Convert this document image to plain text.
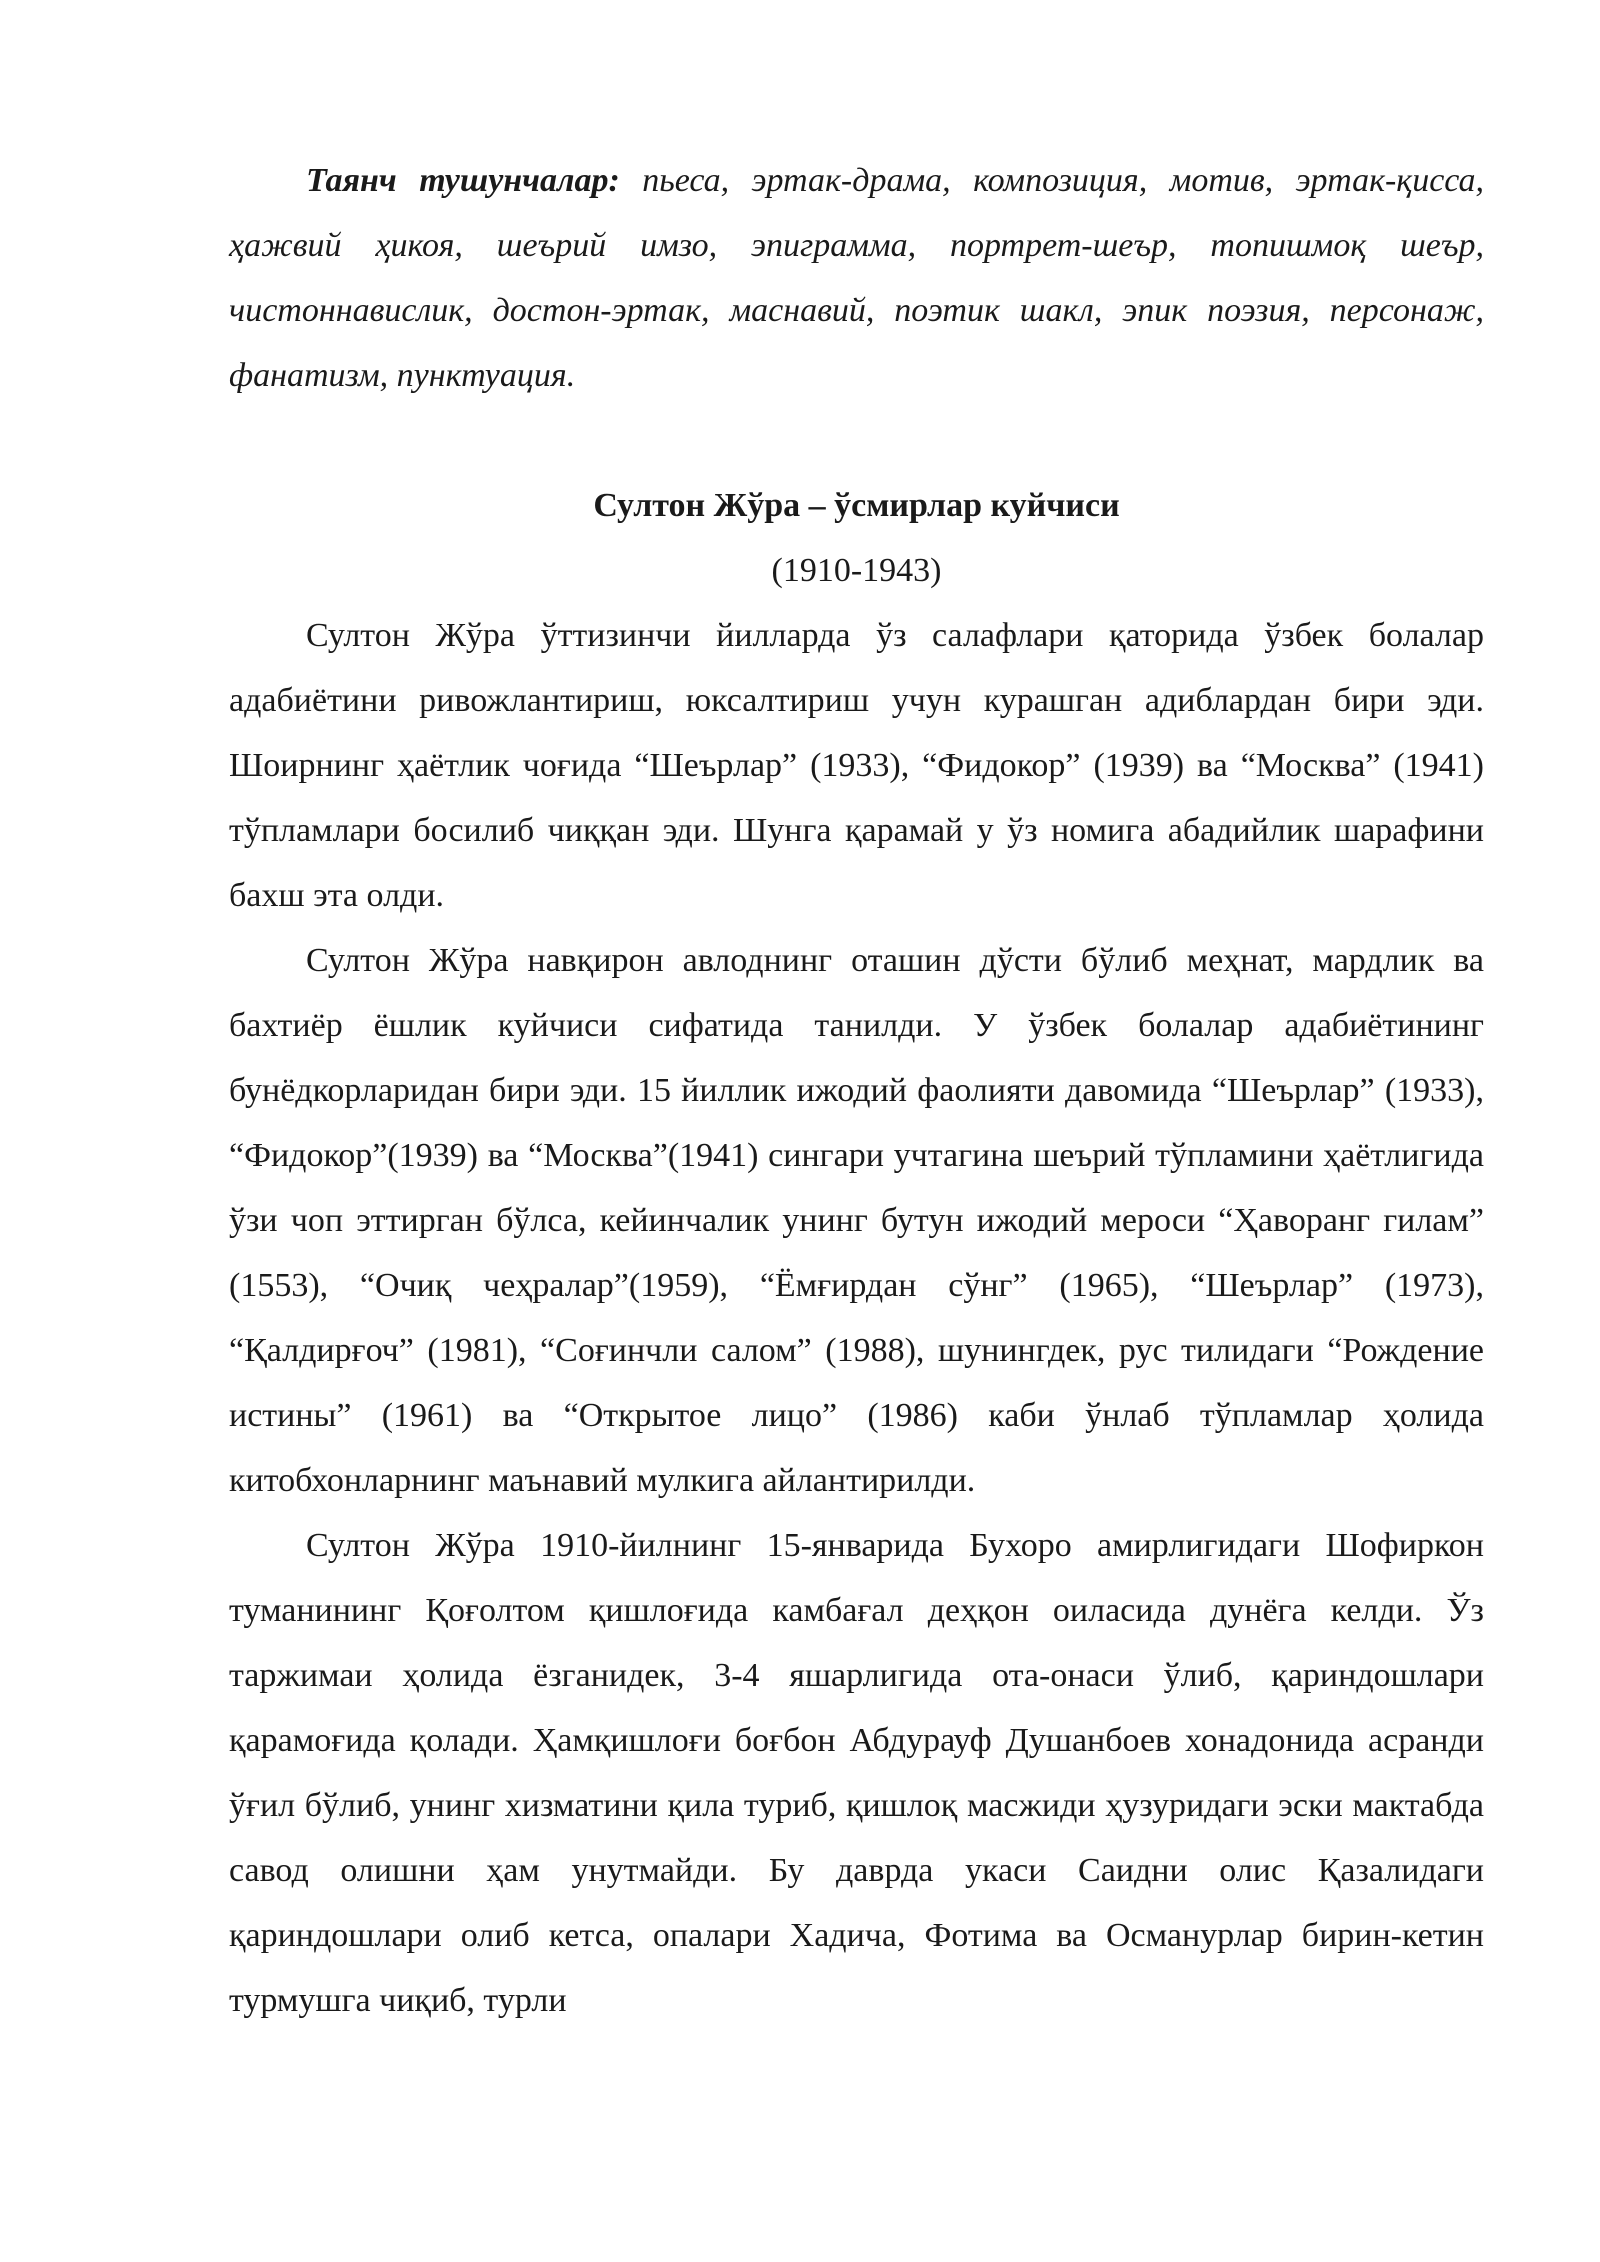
Таянч тушунчалар: пьеса, эртак-драма, композиция, мотив, эртак-қисса, ҳажвий ҳикоя, шеърий имзо, эпиграмма, портрет-шеър, топишмоқ шеър, чистоннавислик, достон-эртак, маснавий, поэтик шакл, эпик поэзия, персонаж, фанатизм, пунктуация.

Султон Жўра – ўсмирлар куйчиси

(1910-1943)

Султон Жўра ўттизинчи йилларда ўз салафлари қаторида ўзбек болалар адабиётини ривожлантириш, юксалтириш учун курашган адиблардан бири эди. Шоирнинг ҳаётлик чоғида “Шеърлар” (1933), “Фидокор” (1939) ва “Москва” (1941) тўпламлари босилиб чиққан эди. Шунга қарамай у ўз номига абадийлик шарафини бахш эта олди.

Султон Жўра навқирон авлоднинг оташин дўсти бўлиб меҳнат, мардлик ва бахтиёр ёшлик куйчиси сифатида танилди. У ўзбек болалар адабиётининг бунёдкорларидан бири эди. 15 йиллик ижодий фаолияти давомида “Шеърлар” (1933), “Фидокор”(1939) ва “Москва”(1941) сингари учтагина шеърий тўпламини ҳаётлигида ўзи чоп эттирган бўлса, кейинчалик унинг бутун ижодий мероси “Ҳаворанг гилам” (1553), “Очиқ чеҳралар”(1959), “Ёмғирдан сўнг” (1965), “Шеърлар” (1973), “Қалдирғоч” (1981), “Соғинчли салом” (1988), шунингдек, рус тилидаги “Рождение истины” (1961) ва “Открытое лицо” (1986) каби ўнлаб тўпламлар ҳолида китобхонларнинг маънавий мулкига айлантирилди.

Султон Жўра 1910-йилнинг 15-январида Бухоро амирлигидаги Шофиркон туманининг Қоғолтом қишлоғида камбағал деҳқон оиласида дунёга келди. Ўз таржимаи ҳолида ёзганидек, 3-4 яшарлигида ота-онаси ўлиб, қариндошлари қарамоғида қолади. Ҳамқишлоғи боғбон Абдурауф Душанбоев хонадонида асранди ўғил бўлиб, унинг хизматини қила туриб, қишлоқ масжиди ҳузуридаги эски мактабда савод олишни ҳам унутмайди. Бу даврда укаси Саидни олис Қазалидаги қариндошлари олиб кетса, опалари Хадича, Фотима ва Османурлар бирин-кетин турмушга чиқиб, турли
